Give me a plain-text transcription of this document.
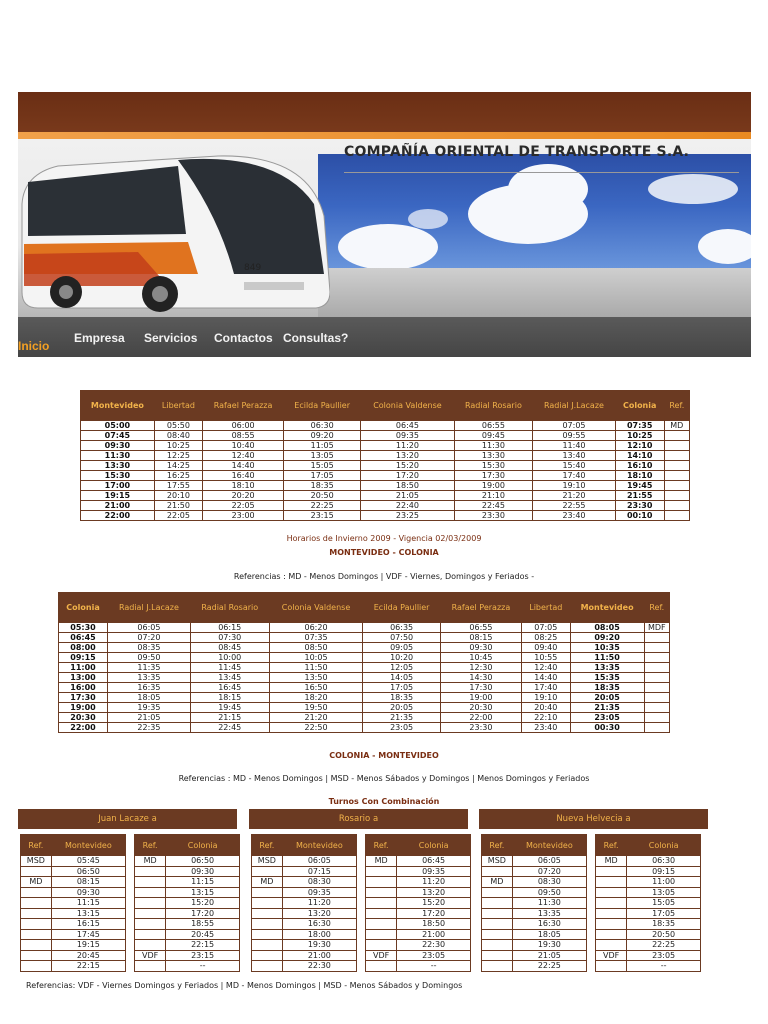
COMPAÑÍA ORIENTAL DE TRANSPORTE S.A.
849
Inicio
Empresa Servicios Contactos Consultas?
Montevideo	Libertad	Rafael Perazza	Ecilda Paullier	Colonia Valdense	Radial Rosario	Radial J.Lacaze	Colonia	Ref.
05:00	05:50	06:00	06:30	06:45	06:55	07:05	07:35	MD
07:45	08:40	08:55	09:20	09:35	09:45	09:55	10:25	
09:30	10:25	10:40	11:05	11:20	11:30	11:40	12:10	
11:30	12:25	12:40	13:05	13:20	13:30	13:40	14:10	
13:30	14:25	14:40	15:05	15:20	15:30	15:40	16:10	
15:30	16:25	16:40	17:05	17:20	17:30	17:40	18:10	
17:00	17:55	18:10	18:35	18:50	19:00	19:10	19:45	
19:15	20:10	20:20	20:50	21:05	21:10	21:20	21:55	
21:00	21:50	22:05	22:25	22:40	22:45	22:55	23:30	
22:00	22:05	23:00	23:15	23:25	23:30	23:40	00:10	
Horarios de Invierno 2009 - Vigencia 02/03/2009
MONTEVIDEO - COLONIA
Referencias : MD - Menos Domingos | VDF - Viernes, Domingos y Feriados -
Colonia	Radial J.Lacaze	Radial Rosario	Colonia Valdense	Ecilda Paullier	Rafael Perazza	Libertad	Montevideo	Ref.
05:30	06:05	06:15	06:20	06:35	06:55	07:05	08:05	MDF
06:45	07:20	07:30	07:35	07:50	08:15	08:25	09:20	
08:00	08:35	08:45	08:50	09:05	09:30	09:40	10:35	
09:15	09:50	10:00	10:05	10:20	10:45	10:55	11:50	
11:00	11:35	11:45	11:50	12:05	12:30	12:40	13:35	
13:00	13:35	13:45	13:50	14:05	14:30	14:40	15:35	
16:00	16:35	16:45	16:50	17:05	17:30	17:40	18:35	
17:30	18:05	18:15	18:20	18:35	19:00	19:10	20:05	
19:00	19:35	19:45	19:50	20:05	20:30	20:40	21:35	
20:30	21:05	21:15	21:20	21:35	22:00	22:10	23:05	
22:00	22:35	22:45	22:50	23:05	23:30	23:40	00:30	
COLONIA - MONTEVIDEO
Referencias : MD - Menos Domingos | MSD - Menos Sábados y Domingos | Menos Domingos y Feriados
Turnos Con Combinación
Juan Lacaze a
Ref.	Montevideo
MSD	05:45
	06:50
MD	08:15
	09:30
	11:15
	13:15
	16:15
	17:45
	19:15
	20:45
	22:15
Ref.	Colonia
MD	06:50
	09:30
	11:15
	13:15
	15:20
	17:20
	18:55
	20:45
	22:15
VDF	23:15
	--
Rosario a
Ref.	Montevideo
MSD	06:05
	07:15
MD	08:30
	09:35
	11:20
	13:20
	16:30
	18:00
	19:30
	21:00
	22:30
Ref.	Colonia
MD	06:45
	09:35
	11:20
	13:20
	15:20
	17:20
	18:50
	21:00
	22:30
VDF	23:05
	--
Nueva Helvecia a
Ref.	Montevideo
MSD	06:05
	07:20
MD	08:30
	09:50
	11:30
	13:35
	16:30
	18:05
	19:30
	21:05
	22:25
Ref.	Colonia
MD	06:30
	09:15
	11:00
	13:05
	15:05
	17:05
	18:35
	20:50
	22:25
VDF	23:05
	--
Referencias: VDF - Viernes Domingos y Feriados | MD - Menos Domingos | MSD - Menos Sábados y Domingos
